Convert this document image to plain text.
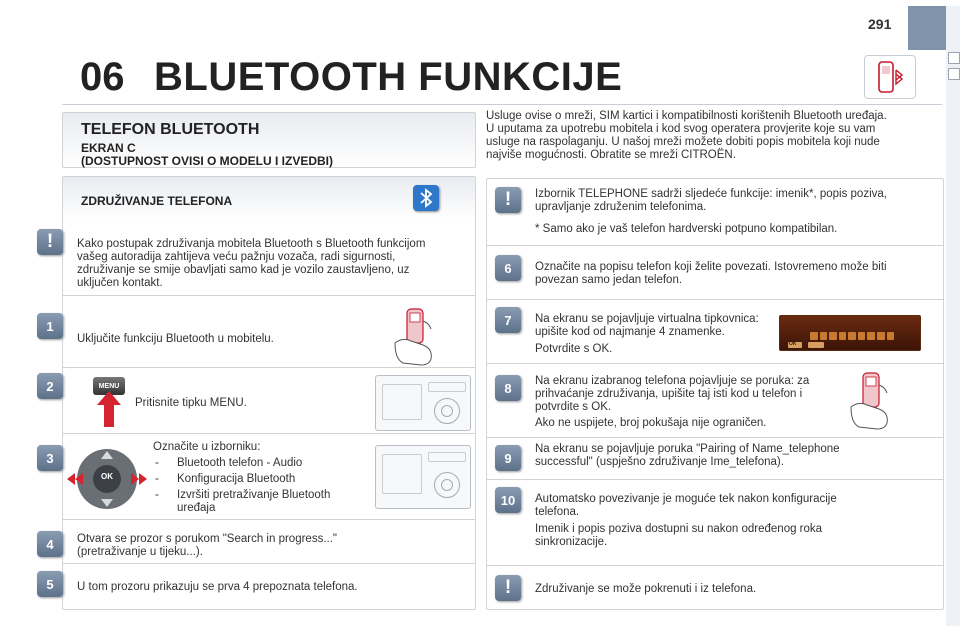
291
06 BLUETOOTH FUNKCIJE
TELEFON BLUETOOTH
EKRAN C
(DOSTUPNOST OVISI O MODELU I IZVEDBI)
ZDRUŽIVANJE TELEFONA
!	Kako postupak združivanja mobitela Bluetooth s Bluetooth funkcijom vašeg autoradija zahtijeva veću pažnju vozača, radi sigurnosti, združivanje se smije obavljati samo kad je vozilo zaustavljeno, uz uključen kontakt.
1
Uključite funkciju Bluetooth u mobitelu.
2	MENU
Pritisnite tipku MENU.
3
OK
Označite u izborniku:
- Bluetooth telefon - Audio
- Konfiguracija Bluetooth
- Izvršiti pretraživanje Bluetooth uređaja
4	Otvara se prozor s porukom "Search in progress..." (pretraživanje u tijeku...).
5	U tom prozoru prikazuju se prva 4 prepoznata telefona.
Usluge ovise o mreži, SIM kartici i kompatibilnosti korištenih Bluetooth uređaja.
U uputama za upotrebu mobitela i kod svog operatera provjerite koje su vam usluge na raspolaganju. U našoj mreži možete dobiti popis mobitela koji nude najviše mogućnosti. Obratite se mreži CITROËN.
!	Izbornik TELEPHONE sadrži sljedeće funkcije: imenik*, popis poziva, upravljanje združenim telefonima.
* Samo ako je vaš telefon hardverski potpuno kompatibilan.
6	Označite na popisu telefon koji želite povezati. Istovremeno može biti povezan samo jedan telefon.
7	Na ekranu se pojavljuje virtualna tipkovnica: upišite kod od najmanje 4 znamenke.
Potvrdite s OK.	OK
8	Na ekranu izabranog telefona pojavljuje se poruka: za prihvaćanje združivanja, upišite taj isti kod u telefon i potvrdite s OK.
Ako ne uspijete, broj pokušaja nije ograničen.
9
Na ekranu se pojavljuje poruka "Pairing of Name_telephone successful" (uspješno združivanje Ime_telefona).
10	Automatsko povezivanje je moguće tek nakon konfiguracije telefona.
Imenik i popis poziva dostupni su nakon određenog roka sinkronizacije.
!	Združivanje se može pokrenuti i iz telefona.
